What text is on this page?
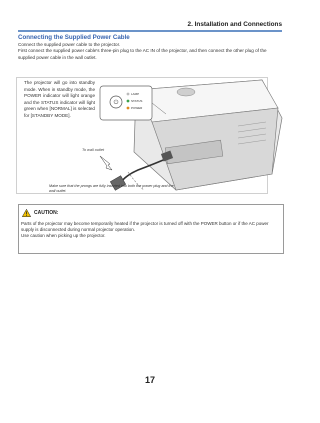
2. Installation and Connections
Connecting the Supplied Power Cable
Connect the supplied power cable to the projector.
First connect the supplied power cable's three-pin plug to the AC IN of the projector, and then connect the other plug of the supplied power cable in the wall outlet.
⏻
LAMP
STATUS
POWER
The projector will go into standby mode. When in standby mode, the POWER indicator will light orange and the STATUS indicator will light green when [NORMAL] is selected for [STANDBY MODE].
To wall outlet
Make sure that the prongs are fully inserted into both the power plug and the wall outlet.
CAUTION:
Parts of the projector may become temporarily heated if the projector is turned off with the POWER button or if the AC power supply is disconnected during normal projector operation.
Use caution when picking up the projector.
17
